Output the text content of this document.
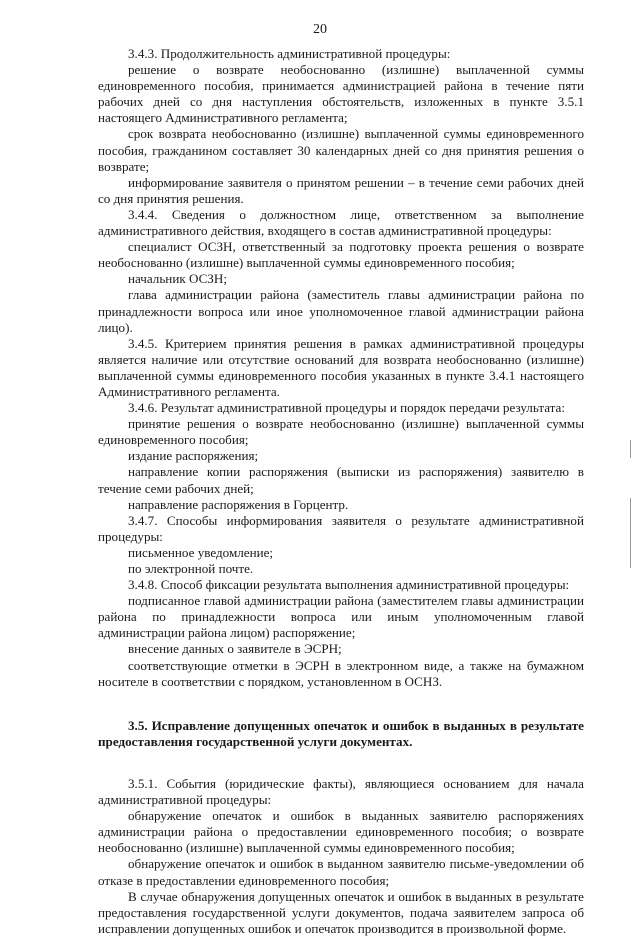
20

3.4.3. Продолжительность административной процедуры:

решение о возврате необоснованно (излишне) выплаченной суммы единовременного пособия, принимается администрацией района в течение пяти рабочих дней со дня наступления обстоятельств, изложенных в пункте 3.5.1 настоящего Административного регламента;

срок возврата необоснованно (излишне) выплаченной суммы единовременного пособия, гражданином составляет 30 календарных дней со дня принятия решения о возврате;

информирование заявителя о принятом решении – в течение семи рабочих дней со дня принятия решения.

3.4.4. Сведения о должностном лице, ответственном за выполнение административного действия, входящего в состав административной процедуры:

специалист ОСЗН, ответственный за подготовку проекта решения о возврате необоснованно (излишне) выплаченной суммы единовременного пособия;

начальник ОСЗН;

глава администрации района (заместитель главы администрации района по принадлежности вопроса или иное уполномоченное главой администрации района лицо).

3.4.5. Критерием принятия решения в рамках административной процедуры является наличие или отсутствие оснований для возврата необоснованно (излишне) выплаченной суммы единовременного пособия указанных в пункте 3.4.1 настоящего Административного регламента.

3.4.6. Результат административной процедуры и порядок передачи результата:

принятие решения о возврате необоснованно (излишне) выплаченной суммы единовременного пособия;

издание распоряжения;

направление копии распоряжения (выписки из распоряжения) заявителю в течение семи рабочих дней;

направление распоряжения в Горцентр.

3.4.7. Способы информирования заявителя о результате административной процедуры:

письменное уведомление;

по электронной почте.

3.4.8. Способ фиксации результата выполнения административной процедуры:

подписанное главой администрации района (заместителем главы администрации района по принадлежности вопроса или иным уполномоченным главой администрации района лицом) распоряжение;

внесение данных о заявителе в ЭСРН;

соответствующие отметки в ЭСРН в электронном виде, а также на бумажном носителе в соответствии с порядком, установленном в ОСНЗ.

3.5. Исправление допущенных опечаток и ошибок в выданных в результате предоставления государственной услуги документах.

3.5.1. События (юридические факты), являющиеся основанием для начала административной процедуры:

обнаружение опечаток и ошибок в выданных заявителю распоряжениях администрации района о предоставлении единовременного пособия; о возврате необоснованно (излишне) выплаченной суммы единовременного пособия;

обнаружение опечаток и ошибок в выданном заявителю письме-уведомлении об отказе в предоставлении единовременного пособия;

В случае обнаружения допущенных опечаток и ошибок в выданных в результате предоставления государственной услуги документов, подача заявителем запроса об исправлении допущенных ошибок и опечаток производится в произвольной форме.
